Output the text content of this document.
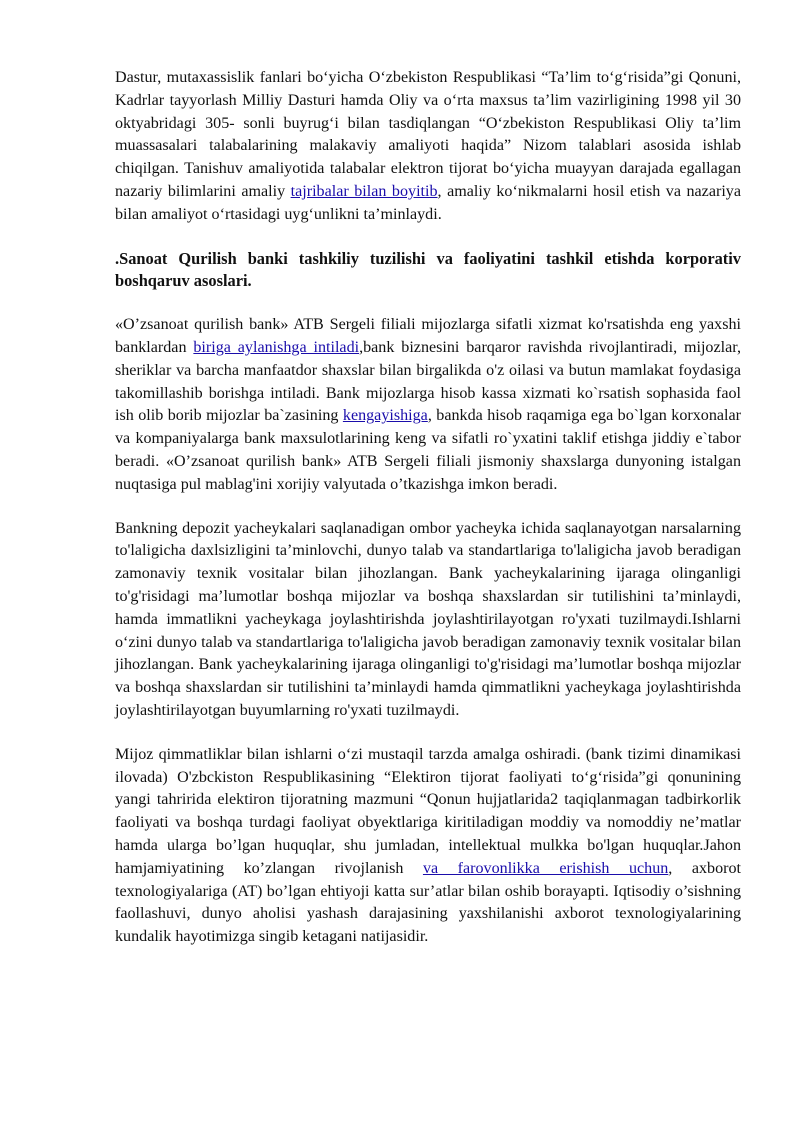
Dastur, mutaxassislik fanlari bo‘yicha O‘zbekiston Respublikasi “Ta’lim to‘g‘risida”gi Qonuni, Kadrlar tayyorlash Milliy Dasturi hamda Oliy va o‘rta maxsus ta’lim vazirligining 1998 yil 30 oktyabridagi 305- sonli buyrug‘i bilan tasdiqlangan “O‘zbekiston Respublikasi Oliy ta’lim muassasalari talabalarining malakaviy amaliyoti haqida” Nizom talablari asosida ishlab chiqilgan. Tanishuv amaliyotida talabalar elektron tijorat bo‘yicha muayyan darajada egallagan nazariy bilimlarini amaliy tajribalar bilan boyitib, amaliy ko‘nikmalarni hosil etish va nazariya bilan amaliyot o‘rtasidagi uyg‘unlikni ta’minlaydi.

.Sanoat Qurilish banki tashkiliy tuzilishi va faoliyatini tashkil etishda korporativ boshqaruv asoslari.

«O’zsanoat qurilish bank» ATB Sergeli filiali mijozlarga sifatli xizmat ko'rsatishda eng yaxshi banklardan biriga aylanishga intiladi,bank biznesini barqaror ravishda rivojlantiradi, mijozlar, sheriklar va barcha manfaatdor shaxslar bilan birgalikda o'z oilasi va butun mamlakat foydasiga takomillashib borishga intiladi. Bank mijozlarga hisob kassa xizmati ko`rsatish sophasida faol ish olib borib mijozlar ba`zasining kengayishiga, bankda hisob raqamiga ega bo`lgan korxonalar va kompaniyalarga bank maxsulotlarining keng va sifatli ro`yxatini taklif etishga jiddiy e`tabor beradi. «O’zsanoat qurilish bank» ATB Sergeli filiali jismoniy shaxslarga dunyoning istalgan nuqtasiga pul mablag'ini xorijiy valyutada o’tkazishga imkon beradi.

Bankning depozit yacheykalari saqlanadigan ombor yacheyka ichida saqlanayotgan narsalarning to'laligicha daxlsizligini ta’minlovchi, dunyo talab va standartlariga to'laligicha javob beradigan zamonaviy texnik vositalar bilan jihozlangan. Bank yacheykalarining ijaraga olinganligi to'g'risidagi ma’lumotlar boshqa mijozlar va boshqa shaxslardan sir tutilishini ta’minlaydi, hamda immatlikni yacheykaga joylashtirishda joylashtirilayotgan ro'yxati tuzilmaydi.Ishlarni o‘zini dunyo talab va standartlariga to'laligicha javob beradigan zamonaviy texnik vositalar bilan jihozlangan. Bank yacheykalarining ijaraga olinganligi to'g'risidagi ma’lumotlar boshqa mijozlar va boshqa shaxslardan sir tutilishini ta’minlaydi hamda qimmatlikni yacheykaga joylashtirishda joylashtirilayotgan buyumlarning ro'yxati tuzilmaydi.

Mijoz qimmatliklar bilan ishlarni o‘zi mustaqil tarzda amalga oshiradi. (bank tizimi dinamikasi ilovada) O'zbckiston Respublikasining “Elektiron tijorat faoliyati to‘g‘risida”gi qonunining yangi tahririda elektiron tijoratning mazmuni “Qonun hujjatlarida2 taqiqlanmagan tadbirkorlik faoliyati va boshqa turdagi faoliyat obyektlariga kiritiladigan moddiy va nomoddiy ne’matlar hamda ularga bo’lgan huquqlar, shu jumladan, intellektual mulkka bo'lgan huquqlar.Jahon hamjamiyatining ko’zlangan rivojlanish va farovonlikka erishish uchun, axborot texnologiyalariga (AT) bo’lgan ehtiyoji katta sur’atlar bilan oshib borayapti. Iqtisodiy o’sishning faollashuvi, dunyo aholisi yashash darajasining yaxshilanishi axborot texnologiyalarining kundalik hayotimizga singib ketagani natijasidir.
